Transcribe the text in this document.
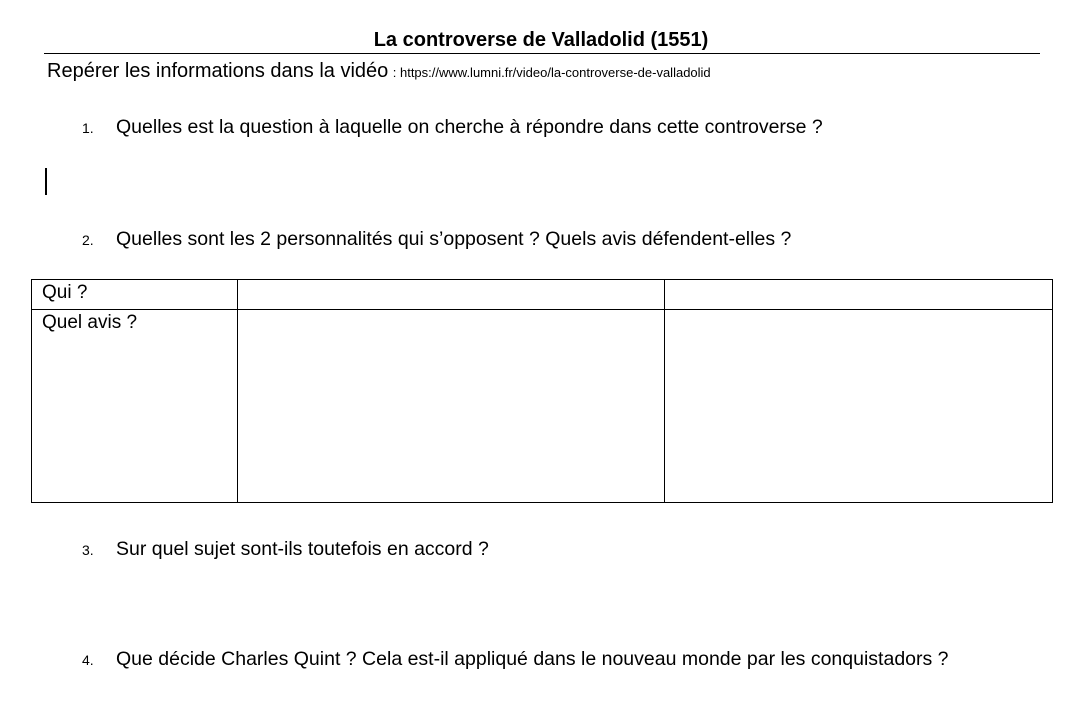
La controverse de Valladolid (1551)
Repérer les informations dans la vidéo : https://www.lumni.fr/video/la-controverse-de-valladolid
1. Quelles est la question à laquelle on cherche à répondre dans cette controverse ?
2. Quelles sont les 2 personnalités qui s’opposent ? Quels avis défendent-elles ?
Qui ?		
Quel avis ?		
3. Sur quel sujet sont-ils toutefois en accord ?
4. Que décide Charles Quint ? Cela est-il appliqué dans le nouveau monde par les conquistadors ?
